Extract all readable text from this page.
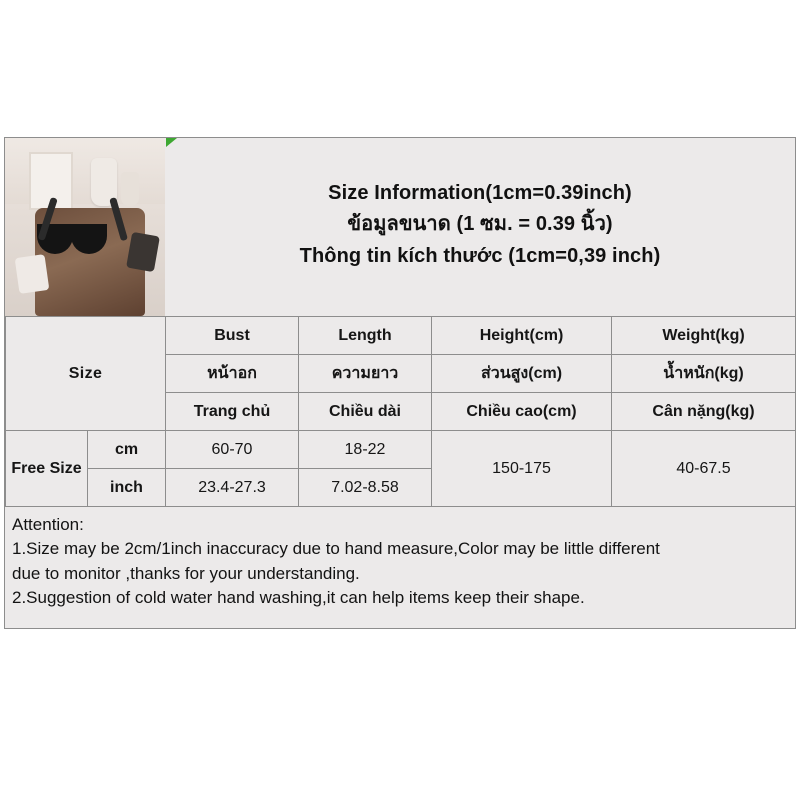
Size Information(1cm=0.39inch)
ข้อมูลขนาด (1 ซม. = 0.39 นิ้ว)
Thông tin kích thước (1cm=0,39 inch)
Size		Bust	Length	Height(cm)	Weight(kg)
		หน้าอก	ความยาว	ส่วนสูง(cm)	น้ำหนัก(kg)
		Trang chủ	Chiều dài	Chiều cao(cm)	Cân nặng(kg)
Free Size	cm	60-70	18-22	150-175	40-67.5
	inch	23.4-27.3	7.02-8.58		
Attention:
1.Size may be 2cm/1inch inaccuracy due to hand measure,Color may be little different
due to monitor ,thanks for your understanding.
2.Suggestion of cold water hand washing,it can help items keep their shape.
